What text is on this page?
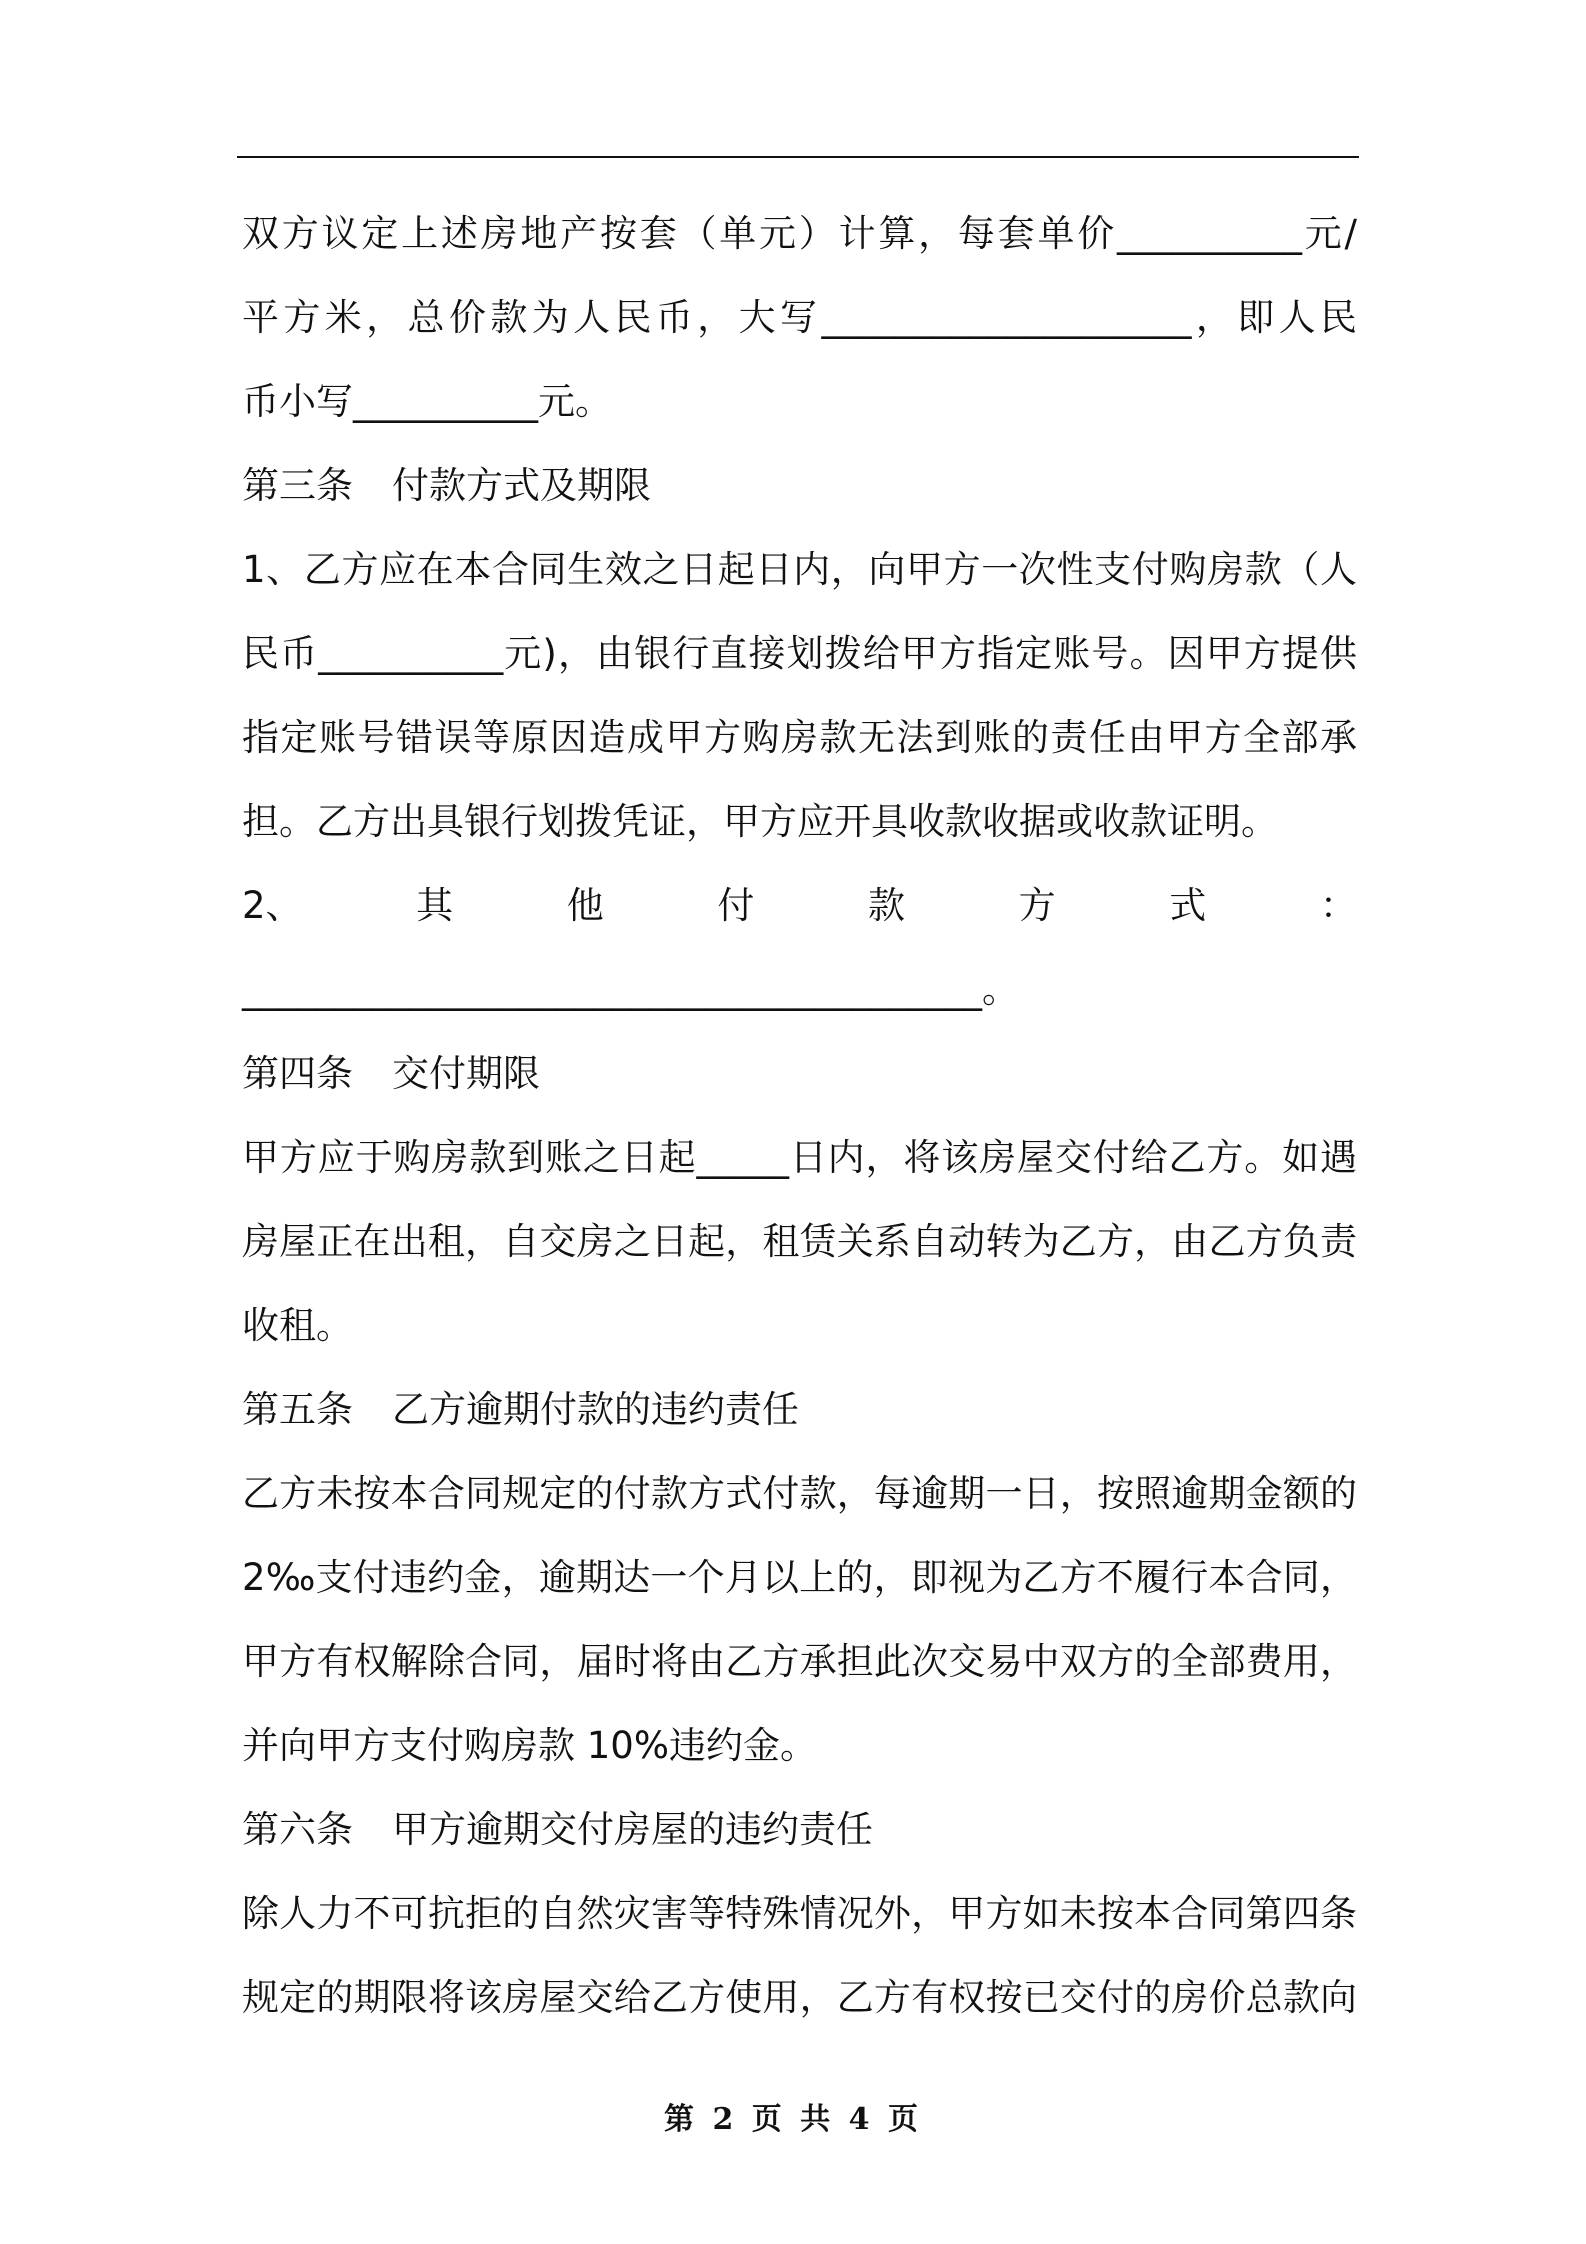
双方议定上述房地产按套（单元）计算，每套单价__________元/
平方米，总价款为人民币，大写____________________，即人民
币小写__________元。
第三条 付款方式及期限
1、乙方应在本合同生效之日起日内，向甲方一次性支付购房款（人
民币__________元)，由银行直接划拨给甲方指定账号。因甲方提供
指定账号错误等原因造成甲方购房款无法到账的责任由甲方全部承
担。乙方出具银行划拨凭证，甲方应开具收款收据或收款证明。
2、	其	他	付	款	方	式	：
________________________________________。
第四条 交付期限
甲方应于购房款到账之日起_____日内，将该房屋交付给乙方。如遇
房屋正在出租，自交房之日起，租赁关系自动转为乙方，由乙方负责
收租。
第五条 乙方逾期付款的违约责任
乙方未按本合同规定的付款方式付款，每逾期一日，按照逾期金额的
2‰支付违约金，逾期达一个月以上的，即视为乙方不履行本合同，
甲方有权解除合同，届时将由乙方承担此次交易中双方的全部费用，
并向甲方支付购房款 10%违约金。
第六条 甲方逾期交付房屋的违约责任
除人力不可抗拒的自然灾害等特殊情况外，甲方如未按本合同第四条
规定的期限将该房屋交给乙方使用，乙方有权按已交付的房价总款向
第 2 页 共 4 页
